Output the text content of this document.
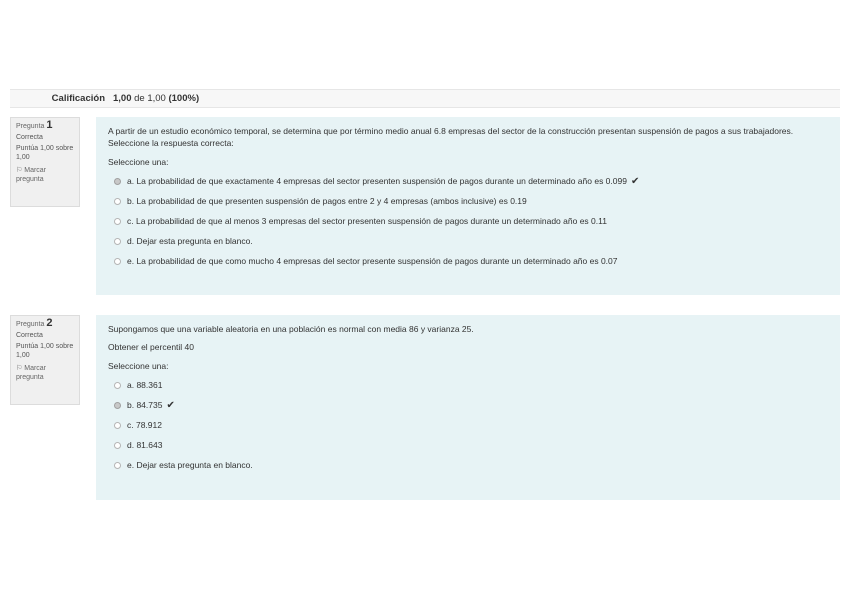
Calificación 1,00 de 1,00 (100%)
Pregunta 1
Correcta
Puntúa 1,00 sobre 1,00
⚐ Marcar pregunta

A partir de un estudio económico temporal, se determina que por término medio anual 6.8 empresas del sector de la construcción presentan suspensión de pagos a sus trabajadores. Seleccione la respuesta correcta:

Seleccione una:
a. La probabilidad de que exactamente 4 empresas del sector presenten suspensión de pagos durante un determinado año es 0.099 ✔
b. La probabilidad de que presenten suspensión de pagos entre 2 y 4 empresas (ambos inclusive) es 0.19
c. La probabilidad de que al menos 3 empresas del sector presenten suspensión de pagos durante un determinado año es 0.11
d. Dejar esta pregunta en blanco.
e. La probabilidad de que como mucho 4 empresas del sector presente suspensión de pagos durante un determinado año es 0.07
Pregunta 2
Correcta
Puntúa 1,00 sobre 1,00
⚐ Marcar pregunta

Supongamos que una variable aleatoria en una población es normal con media 86 y varianza 25.

Obtener el percentil 40

Seleccione una:
a. 88.361
b. 84.735 ✔
c. 78.912
d. 81.643
e. Dejar esta pregunta en blanco.
